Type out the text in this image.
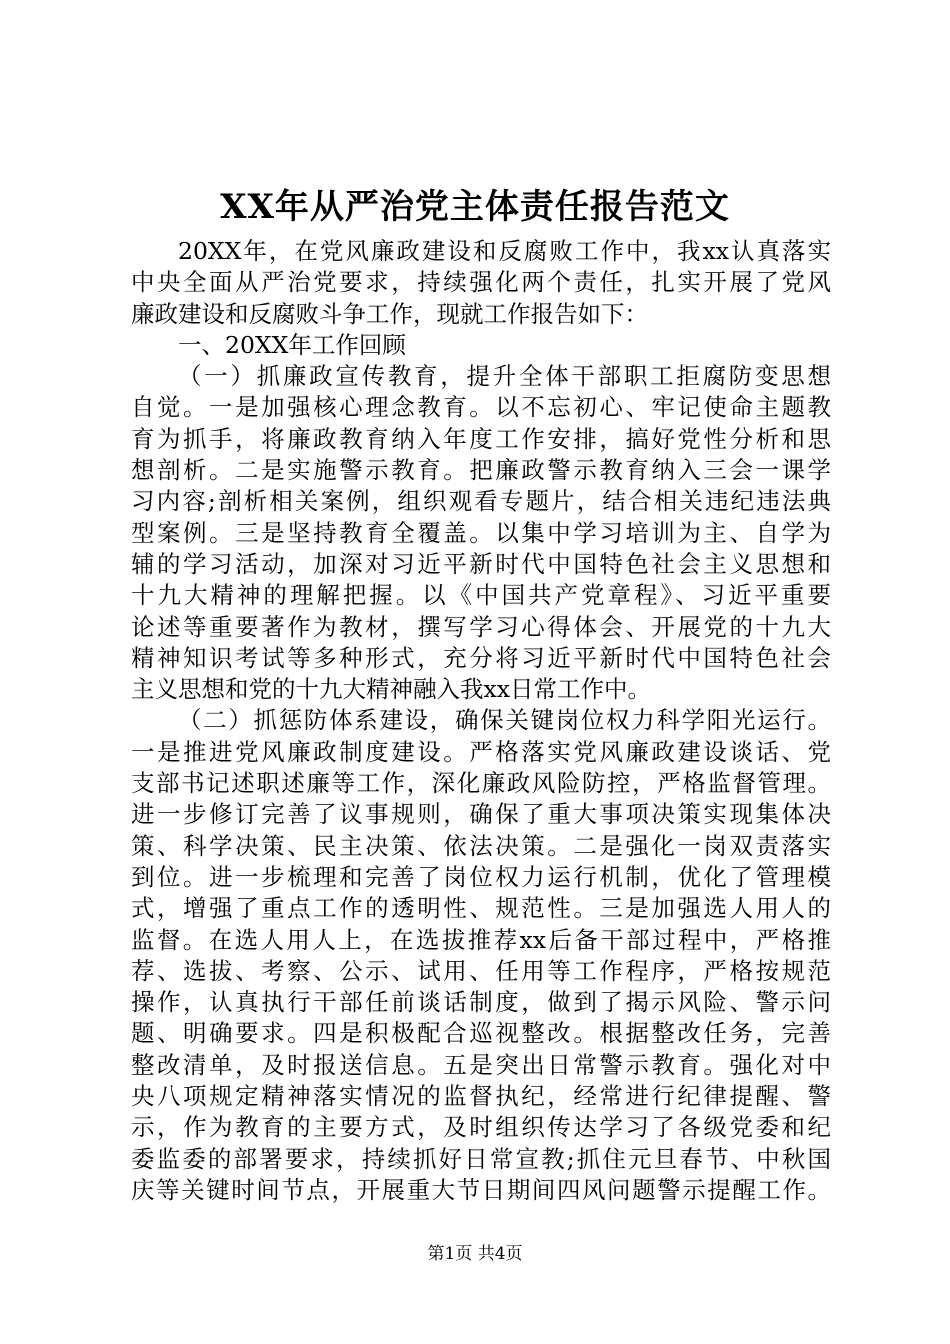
XX年从严治党主体责任报告范文
20XX年，在党风廉政建设和反腐败工作中，我xx认真落实
中央全面从严治党要求，持续强化两个责任，扎实开展了党风
廉政建设和反腐败斗争工作，现就工作报告如下：
一、20XX年工作回顾
（一）抓廉政宣传教育，提升全体干部职工拒腐防变思想
自觉。一是加强核心理念教育。以不忘初心、牢记使命主题教
育为抓手，将廉政教育纳入年度工作安排，搞好党性分析和思
想剖析。二是实施警示教育。把廉政警示教育纳入三会一课学
习内容;剖析相关案例，组织观看专题片，结合相关违纪违法典
型案例。三是坚持教育全覆盖。以集中学习培训为主、自学为
辅的学习活动，加深对习近平新时代中国特色社会主义思想和
十九大精神的理解把握。以《中国共产党章程》、习近平重要
论述等重要著作为教材，撰写学习心得体会、开展党的十九大
精神知识考试等多种形式，充分将习近平新时代中国特色社会
主义思想和党的十九大精神融入我xx日常工作中。
（二）抓惩防体系建设，确保关键岗位权力科学阳光运行。
一是推进党风廉政制度建设。严格落实党风廉政建设谈话、党
支部书记述职述廉等工作，深化廉政风险防控，严格监督管理。
进一步修订完善了议事规则，确保了重大事项决策实现集体决
策、科学决策、民主决策、依法决策。二是强化一岗双责落实
到位。进一步梳理和完善了岗位权力运行机制，优化了管理模
式，增强了重点工作的透明性、规范性。三是加强选人用人的
监督。在选人用人上，在选拔推荐xx后备干部过程中，严格推
荐、选拔、考察、公示、试用、任用等工作程序，严格按规范
操作，认真执行干部任前谈话制度，做到了揭示风险、警示问
题、明确要求。四是积极配合巡视整改。根据整改任务，完善
整改清单，及时报送信息。五是突出日常警示教育。强化对中
央八项规定精神落实情况的监督执纪，经常进行纪律提醒、警
示，作为教育的主要方式，及时组织传达学习了各级党委和纪
委监委的部署要求，持续抓好日常宣教;抓住元旦春节、中秋国
庆等关键时间节点，开展重大节日期间四风问题警示提醒工作。
第1页 共4页
